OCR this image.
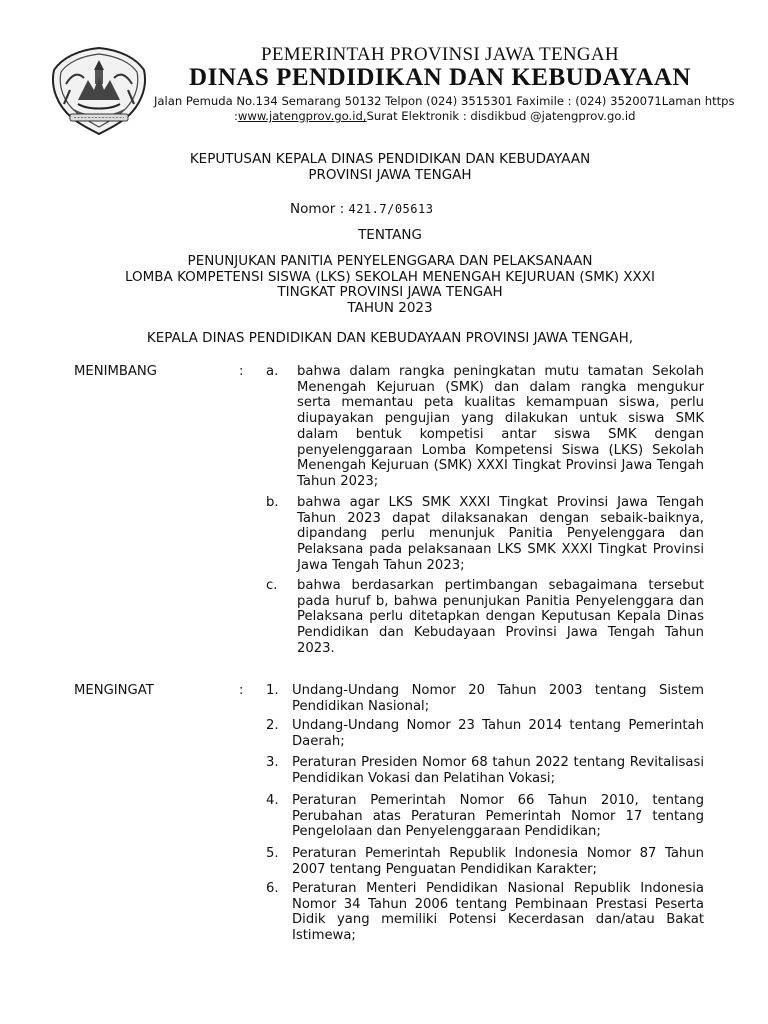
PEMERINTAH PROVINSI JAWA TENGAH
DINAS PENDIDIKAN DAN KEBUDAYAAN
Jalan Pemuda No.134 Semarang 50132 Telpon (024) 3515301 Faximile : (024) 3520071Laman https
:www.jatengprov.go.id,Surat Elektronik : disdikbud @jatengprov.go.id
KEPUTUSAN KEPALA DINAS PENDIDIKAN DAN KEBUDAYAAN
PROVINSI JAWA TENGAH
Nomor : 421.7/05613
TENTANG
PENUNJUKAN PANITIA PENYELENGGARA DAN PELAKSANAAN
LOMBA KOMPETENSI SISWA (LKS) SEKOLAH MENENGAH KEJURUAN (SMK) XXXI
TINGKAT PROVINSI JAWA TENGAH
TAHUN 2023
KEPALA DINAS PENDIDIKAN DAN KEBUDAYAAN PROVINSI JAWA TENGAH,
MENIMBANG	: a. bahwa dalam rangka peningkatan mutu tamatan Sekolah Menengah Kejuruan (SMK) dan dalam rangka mengukur serta memantau peta kualitas kemampuan siswa, perlu diupayakan pengujian yang dilakukan untuk siswa SMK dalam bentuk kompetisi antar siswa SMK dengan penyelenggaraan Lomba Kompetensi Siswa (LKS) Sekolah Menengah Kejuruan (SMK) XXXI Tingkat Provinsi Jawa Tengah Tahun 2023;
b. bahwa agar LKS SMK XXXI Tingkat Provinsi Jawa Tengah Tahun 2023 dapat dilaksanakan dengan sebaik-baiknya, dipandang perlu menunjuk Panitia Penyelenggara dan Pelaksana pada pelaksanaan LKS SMK XXXI Tingkat Provinsi Jawa Tengah Tahun 2023;
c. bahwa berdasarkan pertimbangan sebagaimana tersebut pada huruf b, bahwa penunjukan Panitia Penyelenggara dan Pelaksana perlu ditetapkan dengan Keputusan Kepala Dinas Pendidikan dan Kebudayaan Provinsi Jawa Tengah Tahun 2023.
MENGINGAT	: 1. Undang-Undang Nomor 20 Tahun 2003 tentang Sistem Pendidikan Nasional;
2. Undang-Undang Nomor 23 Tahun 2014 tentang Pemerintah Daerah;
3. Peraturan Presiden Nomor 68 tahun 2022 tentang Revitalisasi Pendidikan Vokasi dan Pelatihan Vokasi;
4. Peraturan Pemerintah Nomor 66 Tahun 2010, tentang Perubahan atas Peraturan Pemerintah Nomor 17 tentang Pengelolaan dan Penyelenggaraan Pendidikan;
5. Peraturan Pemerintah Republik Indonesia Nomor 87 Tahun 2007 tentang Penguatan Pendidikan Karakter;
6. Peraturan Menteri Pendidikan Nasional Republik Indonesia Nomor 34 Tahun 2006 tentang Pembinaan Prestasi Peserta Didik yang memiliki Potensi Kecerdasan dan/atau Bakat Istimewa;
